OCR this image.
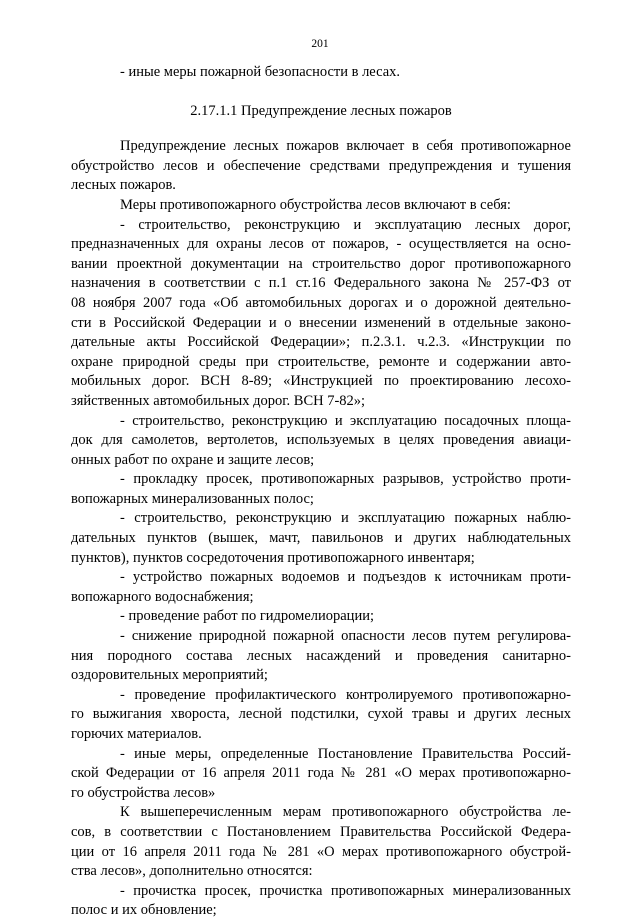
201
- иные меры пожарной безопасности в лесах.
2.17.1.1 Предупреждение лесных пожаров
Предупреждение лесных пожаров включает в себя противопожарное
обустройство лесов и обеспечение средствами предупреждения и тушения
лесных пожаров.
Меры противопожарного обустройства лесов включают в себя:
- строительство, реконструкцию и эксплуатацию лесных дорог,
предназначенных для охраны лесов от пожаров, - осуществляется на осно-
вании проектной документации на строительство дорог противопожарного
назначения в соответствии с п.1 ст.16 Федерального закона № 257-ФЗ от
08 ноября 2007 года «Об автомобильных дорогах и о дорожной деятельно-
сти в Российской Федерации и о внесении изменений в отдельные законо-
дательные акты Российской Федерации»; п.2.3.1. ч.2.3. «Инструкции по
охране природной среды при строительстве, ремонте и содержании авто-
мобильных дорог. ВСН 8-89; «Инструкцией по проектированию лесохо-
зяйственных автомобильных дорог. ВСН 7-82»;
- строительство, реконструкцию и эксплуатацию посадочных площа-
док для самолетов, вертолетов, используемых в целях проведения авиаци-
онных работ по охране и защите лесов;
- прокладку просек, противопожарных разрывов, устройство проти-
вопожарных минерализованных полос;
- строительство, реконструкцию и эксплуатацию пожарных наблю-
дательных пунктов (вышек, мачт, павильонов и других наблюдательных
пунктов), пунктов сосредоточения противопожарного инвентаря;
- устройство пожарных водоемов и подъездов к источникам проти-
вопожарного водоснабжения;
- проведение работ по гидромелиорации;
- снижение природной пожарной опасности лесов путем регулирова-
ния породного состава лесных насаждений и проведения санитарно-
оздоровительных мероприятий;
- проведение профилактического контролируемого противопожарно-
го выжигания хвороста, лесной подстилки, сухой травы и других лесных
горючих материалов.
- иные меры, определенные Постановление Правительства Россий-
ской Федерации от 16 апреля 2011 года № 281 «О мерах противопожарно-
го обустройства лесов»
К вышеперечисленным мерам противопожарного обустройства ле-
сов, в соответствии с Постановлением Правительства Российской Федера-
ции от 16 апреля 2011 года № 281 «О мерах противопожарного обустрой-
ства лесов», дополнительно относятся:
- прочистка просек, прочистка противопожарных минерализованных
полос и их обновление;
